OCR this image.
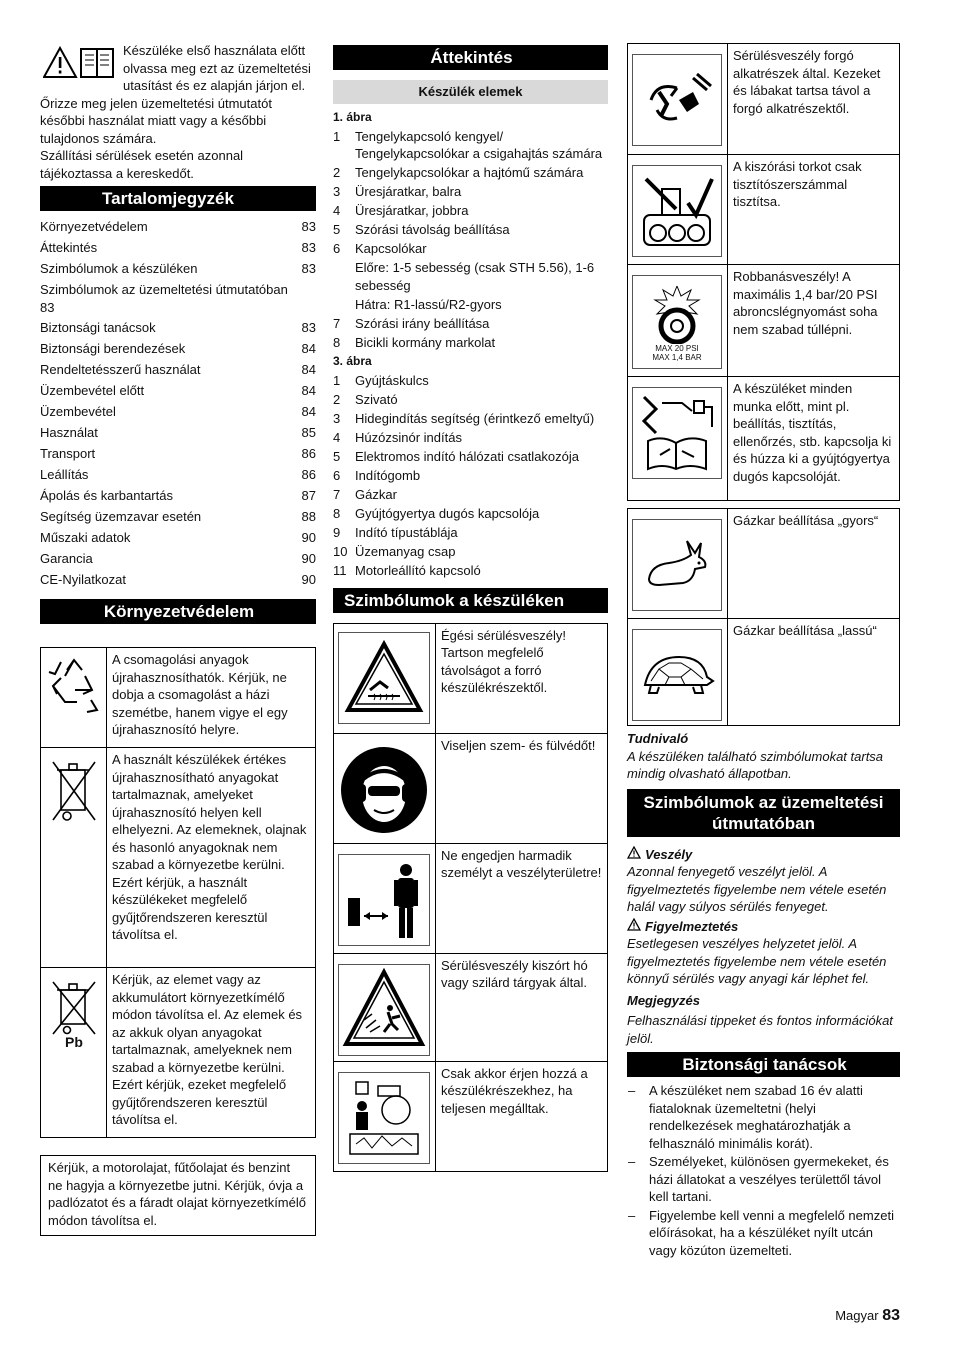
Készüléke első használata előtt olvassa meg ezt az üzemeltetési utasítást és ez alapján járjon el. Őrizze meg jelen üzemeltetési útmutatót későbbi használat miatt vagy a későbbi tulajdonos számára.

Szállítási sérülések esetén azonnal tájékoztassa a kereskedőt.

Tartalomjegyzék
Környezetvédelem	83
Áttekintés	83
Szimbólumok a készüléken	83
Szimbólumok az üzemeltetési útmutatóban 83
Biztonsági tanácsok	83
Biztonsági berendezések	84
Rendeltetésszerű használat	84
Üzembevétel előtt	84
Üzembevétel	84
Használat	85
Transport	86
Leállítás	86
Ápolás és karbantartás	87
Segítség üzemzavar esetén	88
Műszaki adatok	90
Garancia	90
CE-Nyilatkozat	90
Környezetvédelem
	A csomagolási anyagok újrahasznosíthatók. Kérjük, ne dobja a csomagolást a házi szemétbe, hanem vigye el egy újrahasznosító helyre.

	A használt készülékek értékes újrahasznosítható anyagokat tartalmaznak, amelyeket újrahasznosító helyen kell elhelyezni. Az elemeknek, olajnak és hasonló anyagoknak nem szabad a környezetbe kerülni. Ezért kérjük, a használt készülékeket megfelelő gyűjtőrendszeren keresztül távolítsa el.

Pb	Kérjük, az elemet vagy az akkumulátort környezetkímélő módon távolítsa el. Az elemek és az akkuk olyan anyagokat tartalmaznak, amelyeknek nem szabad a környezetbe kerülni. Ezért kérjük, ezeket megfelelő gyűjtőrendszeren keresztül távolítsa el.

Kérjük, a motorolajat, fűtőolajat és benzint ne hagyja a környezetbe jutni. Kérjük, óvja a padlózatot és a fáradt olajat környezetkímélő módon távolítsa el.

Áttekintés
Készülék elemek
1. ábra
1	Tengelykapcsoló kengyel/ Tengelykapcsolókar a csigahajtás számára
2	Tengelykapcsolókar a hajtómű számára
3	Üresjáratkar, balra
4	Üresjáratkar, jobbra
5	Szórási távolság beállítása
6	Kapcsolókar
Előre: 1-5 sebesség (csak STH 5.56), 1-6 sebesség
Hátra: R1-lassú/R2-gyors
7	Szórási irány beállítása
8	Bicikli kormány markolat
3. ábra
1	Gyújtáskulcs
2	Szivató
3	Hidegindítás segítség (érintkező emeltyű)
4	Húzózsinór indítás
5	Elektromos indító hálózati csatlakozója
6	Indítógomb
7	Gázkar
8	Gyújtógyertya dugós kapcsolója
9	Indító típustáblája
10 Üzemanyag csap
11 Motorleállító kapcsoló
Szimbólumok a készüléken
	Égési sérülésveszély! Tartson megfelelő távolságot a forró készülékrészektől.

	Viseljen szem- és fülvédőt!

	Ne engedjen harmadik személyt a veszélyterületre!

	Sérülésveszély kiszórt hó vagy szilárd tárgyak által.

	Csak akkor érjen hozzá a készülékrészekhez, ha teljesen megálltak.
	Sérülésveszély forgó alkatrészek által. Kezeket és lábakat tartsa távol a forgó alkatrészektől.

	A kiszórási torkot csak tisztítószerszámmal tisztítsa.

MAX 20 PSI
MAX 1,4 BAR	Robbanásveszély! A maximális 1,4 bar/20 PSI abroncslégnyomást soha nem szabad túllépni.

	A készüléket minden munka előtt, mint pl. beállítás, tisztítás, ellenőrzés, stb. kapcsolja ki és húzza ki a gyújtógyertya dugós kapcsolóját.
	Gázkar beállítása „gyors“

	Gázkar beállítása „lassú“
Tudnivaló

A készüléken található szimbólumokat tartsa mindig olvasható állapotban.

Szimbólumok az üzemeltetési útmutatóban
Veszély

Azonnal fenyegető veszélyt jelöl. A figyelmeztetés figyelembe nem vétele esetén halál vagy súlyos sérülés fenyeget.

Figyelmeztetés

Esetlegesen veszélyes helyzetet jelöl. A figyelmeztetés figyelembe nem vétele esetén könnyű sérülés vagy anyagi kár léphet fel.

Megjegyzés

Felhasználási tippeket és fontos információkat jelöl.

Biztonsági tanácsok
–	A készüléket nem szabad 16 év alatti fiataloknak üzemeltetni (helyi rendelkezések meghatározhatják a felhasználó minimális korát).
–	Személyeket, különösen gyermekeket, és házi állatokat a veszélyes területtől távol kell tartani.
–	Figyelembe kell venni a megfelelő nemzeti előírásokat, ha a készüléket nyílt utcán vagy közúton üzemelteti.
Magyar 83
